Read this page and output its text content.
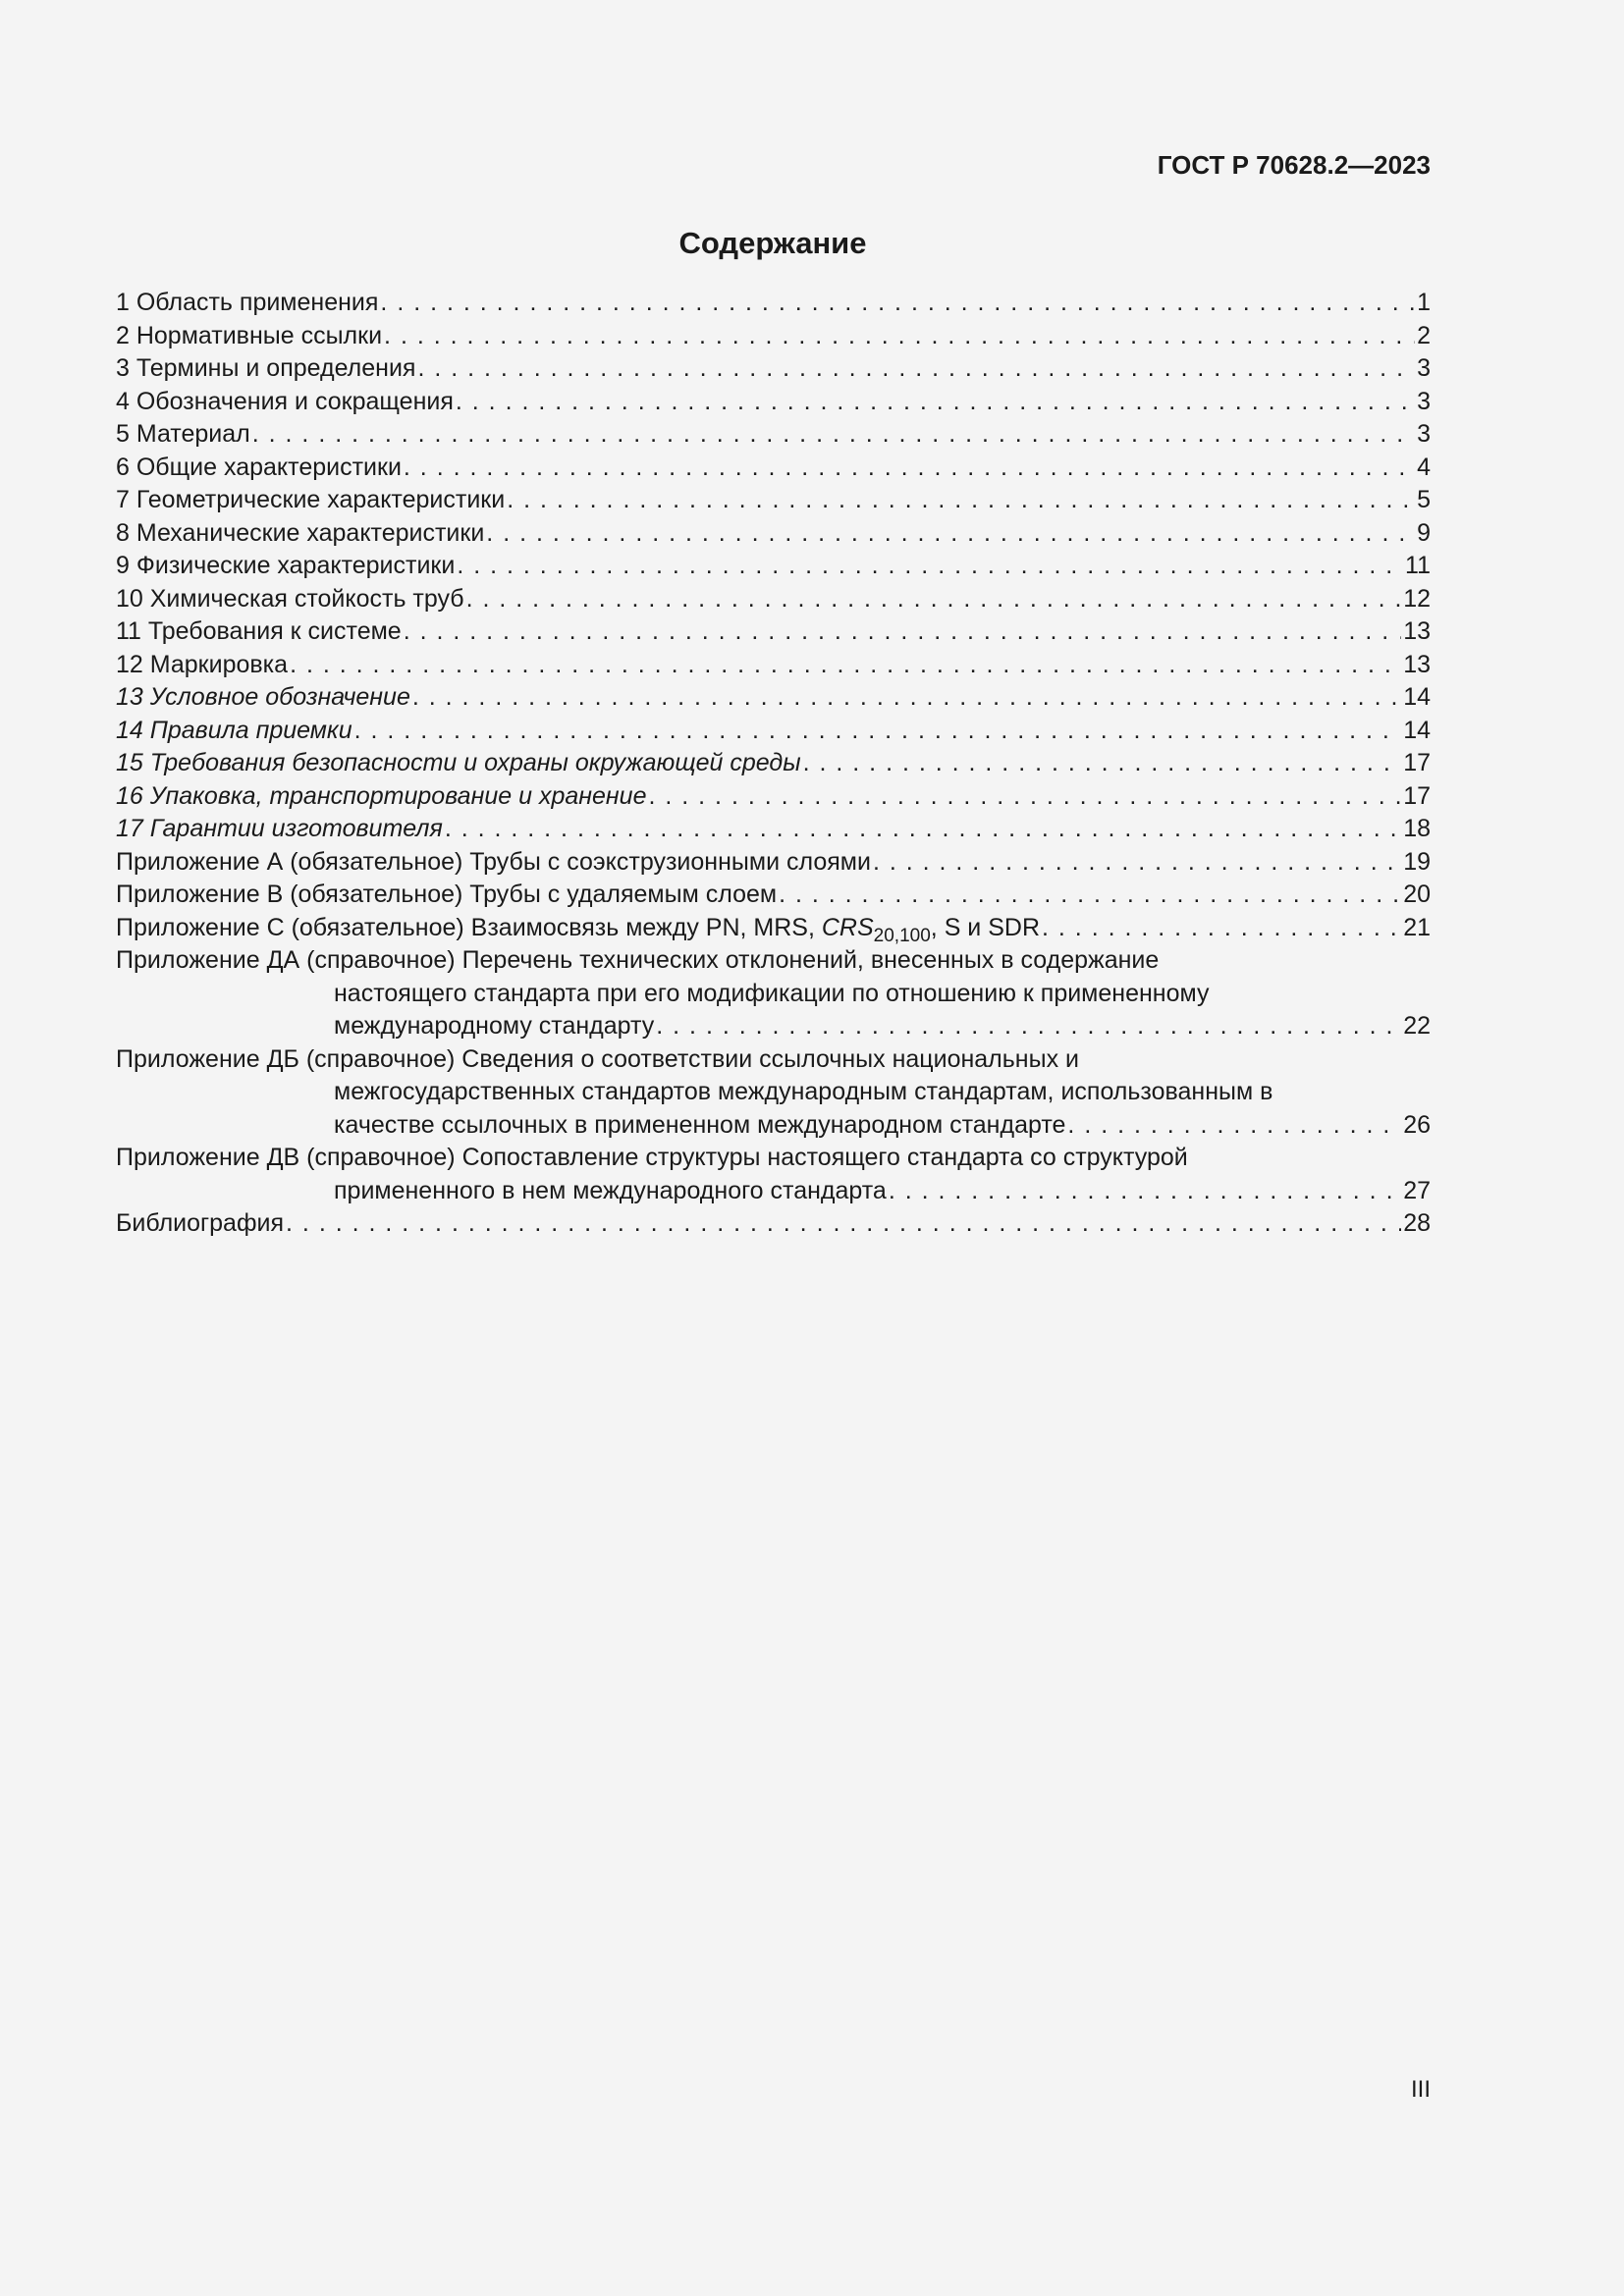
ГОСТ Р 70628.2—2023
Содержание
1 Область применения . . .	1
2 Нормативные ссылки . . .	2
3 Термины и определения . . .	3
4 Обозначения и сокращения . . .	3
5 Материал . . .	3
6 Общие характеристики . . .	4
7 Геометрические характеристики . . .	5
8 Механические характеристики . . .	9
9 Физические характеристики . . .	11
10 Химическая стойкость труб . . .	12
11 Требования к системе . . .	13
12 Маркировка . . .	13
13 Условное обозначение . . .	14
14 Правила приемки . . .	14
15 Требования безопасности и охраны окружающей среды . . .	17
16 Упаковка, транспортирование и хранение . . .	17
17 Гарантии изготовителя . . .	18
Приложение А (обязательное) Трубы с соэкструзионными слоями . . .	19
Приложение В (обязательное) Трубы с удаляемым слоем . . .	20
Приложение С (обязательное) Взаимосвязь между PN, MRS, $CRS_{20,100}$, S и SDR . . .	21
Приложение ДА (справочное) Перечень технических отклонений, внесенных в содержание
настоящего стандарта при его модификации по отношению к примененному
международному стандарту . . .	22
Приложение ДБ (справочное) Сведения о соответствии ссылочных национальных и
межгосударственных стандартов международным стандартам, использованным в
качестве ссылочных в примененном международном стандарте . . .	26
Приложение ДВ (справочное) Сопоставление структуры настоящего стандарта со структурой
примененного в нем международного стандарта . . .	27
Библиография . . .	28
III
